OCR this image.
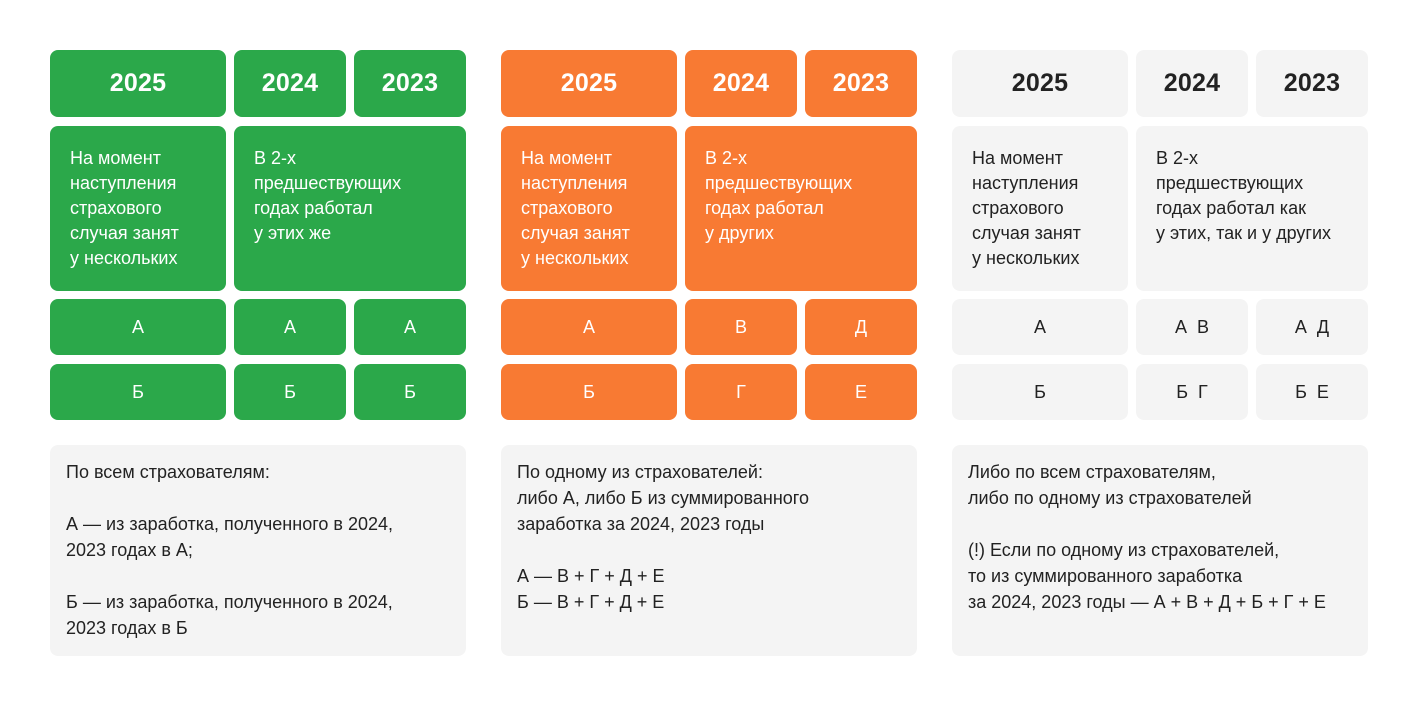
2025	2024	2023
На момент
наступления
страхового
случая занят
у нескольких
В 2-х
предшествующих
годах работал
у этих же
А	А	А
Б	Б	Б
По всем страхователям:

А — из заработка, полученного в 2024,
2023 годах в А;

Б — из заработка, полученного в 2024,
2023 годах в Б
2025	2024	2023
На момент
наступления
страхового
случая занят
у нескольких
В 2-х
предшествующих
годах работал
у других
А	В	Д
Б	Г	Е
По одному из страхователей:
либо А, либо Б из суммированного
заработка за 2024, 2023 годы

А — В + Г + Д + Е
Б — В + Г + Д + Е
2025	2024	2023
На момент
наступления
страхового
случая занят
у нескольких
В 2-х
предшествующих
годах работал как
у этих, так и у других
А	А  В	А  Д
Б	Б  Г	Б  Е
Либо по всем страхователям,
либо по одному из страхователей

(!) Если по одному из страхователей,
то из суммированного заработка
за 2024, 2023 годы — А + В + Д + Б + Г + Е
